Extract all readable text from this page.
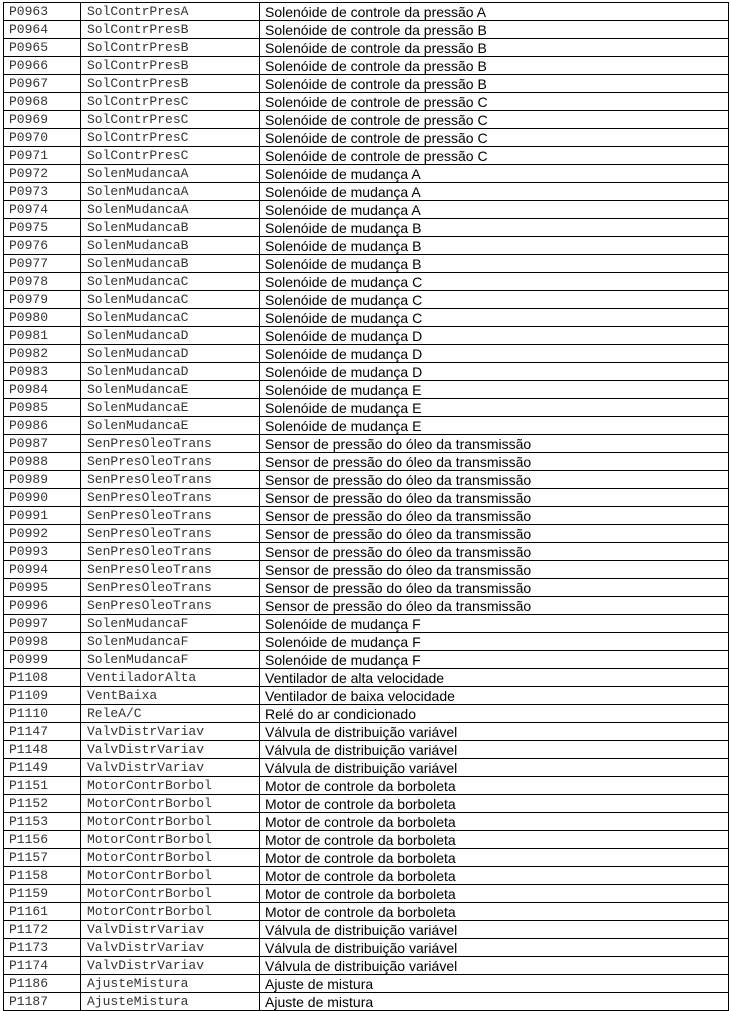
P0963	SolContrPresA	Solenóide de controle da pressão A
P0964	SolContrPresB	Solenóide de controle da pressão B
P0965	SolContrPresB	Solenóide de controle da pressão B
P0966	SolContrPresB	Solenóide de controle da pressão B
P0967	SolContrPresB	Solenóide de controle da pressão B
P0968	SolContrPresC	Solenóide de controle de pressão C
P0969	SolContrPresC	Solenóide de controle de pressão C
P0970	SolContrPresC	Solenóide de controle de pressão C
P0971	SolContrPresC	Solenóide de controle de pressão C
P0972	SolenMudancaA	Solenóide de mudança A
P0973	SolenMudancaA	Solenóide de mudança A
P0974	SolenMudancaA	Solenóide de mudança A
P0975	SolenMudancaB	Solenóide de mudança B
P0976	SolenMudancaB	Solenóide de mudança B
P0977	SolenMudancaB	Solenóide de mudança B
P0978	SolenMudancaC	Solenóide de mudança C
P0979	SolenMudancaC	Solenóide de mudança C
P0980	SolenMudancaC	Solenóide de mudança C
P0981	SolenMudancaD	Solenóide de mudança D
P0982	SolenMudancaD	Solenóide de mudança D
P0983	SolenMudancaD	Solenóide de mudança D
P0984	SolenMudancaE	Solenóide de mudança E
P0985	SolenMudancaE	Solenóide de mudança E
P0986	SolenMudancaE	Solenóide de mudança E
P0987	SenPresOleoTrans	Sensor de pressão do óleo da transmissão
P0988	SenPresOleoTrans	Sensor de pressão do óleo da transmissão
P0989	SenPresOleoTrans	Sensor de pressão do óleo da transmissão
P0990	SenPresOleoTrans	Sensor de pressão do óleo da transmissão
P0991	SenPresOleoTrans	Sensor de pressão do óleo da transmissão
P0992	SenPresOleoTrans	Sensor de pressão do óleo da transmissão
P0993	SenPresOleoTrans	Sensor de pressão do óleo da transmissão
P0994	SenPresOleoTrans	Sensor de pressão do óleo da transmissão
P0995	SenPresOleoTrans	Sensor de pressão do óleo da transmissão
P0996	SenPresOleoTrans	Sensor de pressão do óleo da transmissão
P0997	SolenMudancaF	Solenóide de mudança F
P0998	SolenMudancaF	Solenóide de mudança F
P0999	SolenMudancaF	Solenóide de mudança F
P1108	VentiladorAlta	Ventilador de alta velocidade
P1109	VentBaixa	Ventilador de baixa velocidade
P1110	ReleA/C	Relé do ar condicionado
P1147	ValvDistrVariav	Válvula de distribuição variável
P1148	ValvDistrVariav	Válvula de distribuição variável
P1149	ValvDistrVariav	Válvula de distribuição variável
P1151	MotorContrBorbol	Motor de controle da borboleta
P1152	MotorContrBorbol	Motor de controle da borboleta
P1153	MotorContrBorbol	Motor de controle da borboleta
P1156	MotorContrBorbol	Motor de controle da borboleta
P1157	MotorContrBorbol	Motor de controle da borboleta
P1158	MotorContrBorbol	Motor de controle da borboleta
P1159	MotorContrBorbol	Motor de controle da borboleta
P1161	MotorContrBorbol	Motor de controle da borboleta
P1172	ValvDistrVariav	Válvula de distribuição variável
P1173	ValvDistrVariav	Válvula de distribuição variável
P1174	ValvDistrVariav	Válvula de distribuição variável
P1186	AjusteMistura	Ajuste de mistura
P1187	AjusteMistura	Ajuste de mistura
